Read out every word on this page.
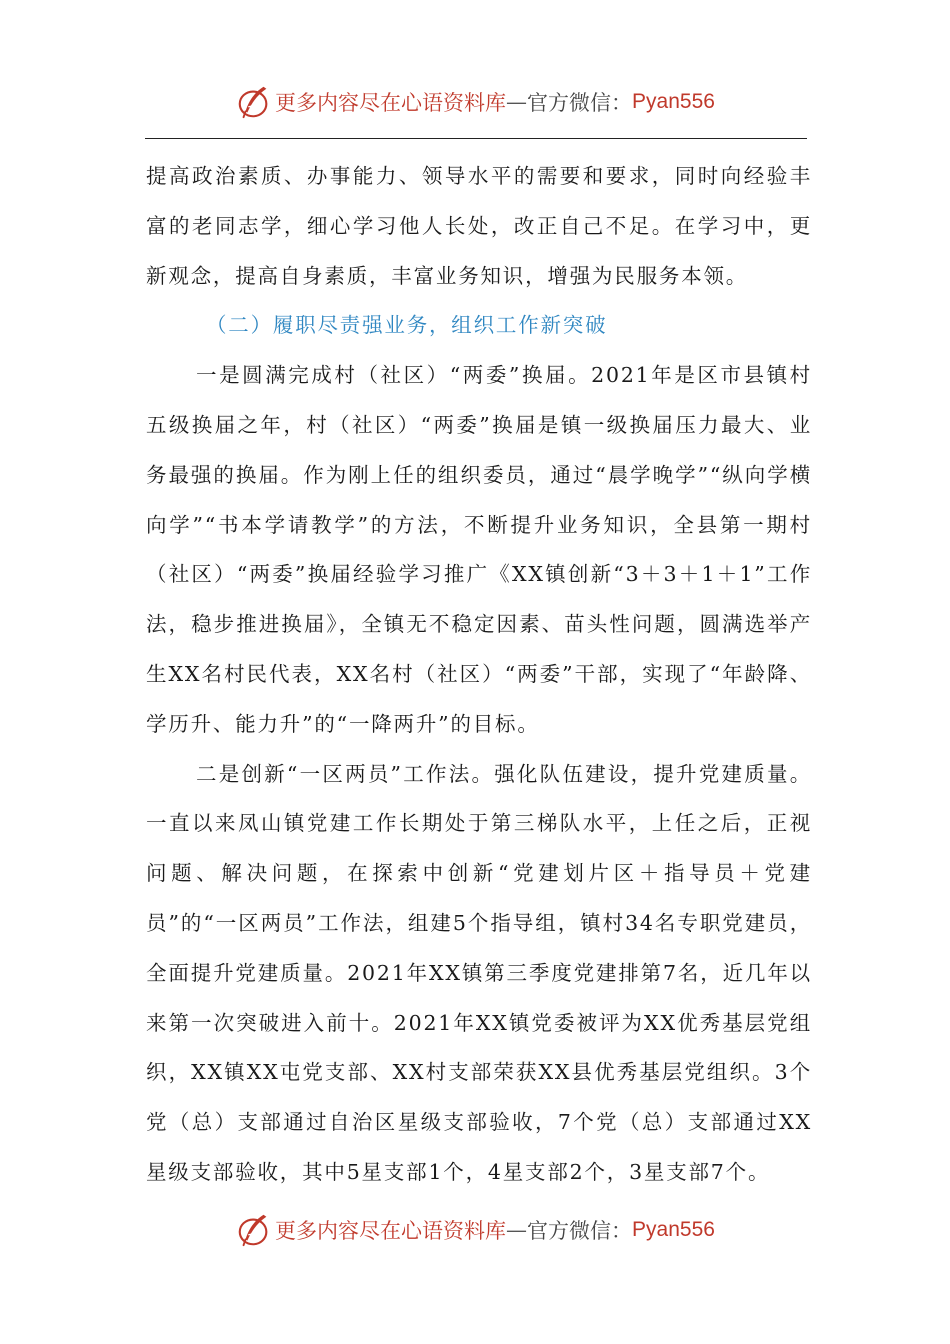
更多内容尽在心语资料库 — 官方微信： Pyan556

提高政治素质、办事能力、领导水平的需要和要求，同时向经验丰富的老同志学，细心学习他人长处，改正自己不足。在学习中，更新观念，提高自身素质，丰富业务知识，增强为民服务本领。

（二）履职尽责强业务，组织工作新突破

一是圆满完成村（社区）“两委”换届。2021年是区市县镇村五级换届之年，村（社区）“两委”换届是镇一级换届压力最大、业务最强的换届。作为刚上任的组织委员，通过“晨学晚学”“纵向学横向学”“书本学请教学”的方法，不断提升业务知识，全县第一期村（社区）“两委”换届经验学习推广《XX镇创新“3＋3＋1＋1”工作法，稳步推进换届》，全镇无不稳定因素、苗头性问题，圆满选举产生XX名村民代表，XX名村（社区）“两委”干部，实现了“年龄降、学历升、能力升”的“一降两升”的目标。

二是创新“一区两员”工作法。强化队伍建设，提升党建质量。一直以来凤山镇党建工作长期处于第三梯队水平，上任之后，正视问题、解决问题，在探索中创新“党建划片区＋指导员＋党建员”的“一区两员”工作法，组建5个指导组，镇村34名专职党建员，全面提升党建质量。2021年XX镇第三季度党建排第7名，近几年以来第一次突破进入前十。2021年XX镇党委被评为XX优秀基层党组织，XX镇XX屯党支部、XX村支部荣获XX县优秀基层党组织。3个党（总）支部通过自治区星级支部验收，7个党（总）支部通过XX星级支部验收，其中5星支部1个，4星支部2个，3星支部7个。

更多内容尽在心语资料库 — 官方微信： Pyan556
